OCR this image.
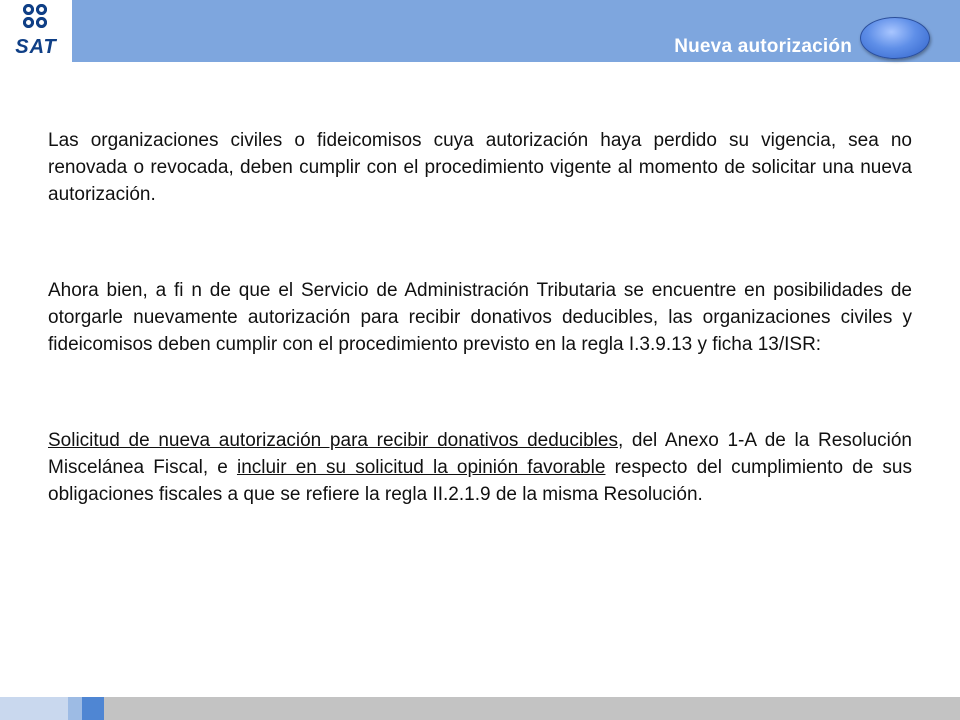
SAT	Nueva autorización

Las organizaciones civiles o fideicomisos cuya autorización haya perdido su vigencia, sea no renovada o revocada, deben cumplir con el procedimiento vigente al momento de solicitar una nueva autorización.

Ahora bien, a fi n de que el Servicio de Administración Tributaria se encuentre en posibilidades de otorgarle nuevamente autorización para recibir donativos deducibles, las organizaciones civiles y fideicomisos deben cumplir con el procedimiento previsto en la regla I.3.9.13 y ficha 13/ISR:

Solicitud de nueva autorización para recibir donativos deducibles, del Anexo 1-A de la Resolución Miscelánea Fiscal, e incluir en su solicitud la opinión favorable respecto del cumplimiento de sus obligaciones fiscales a que se refiere la regla II.2.1.9 de la misma Resolución.
